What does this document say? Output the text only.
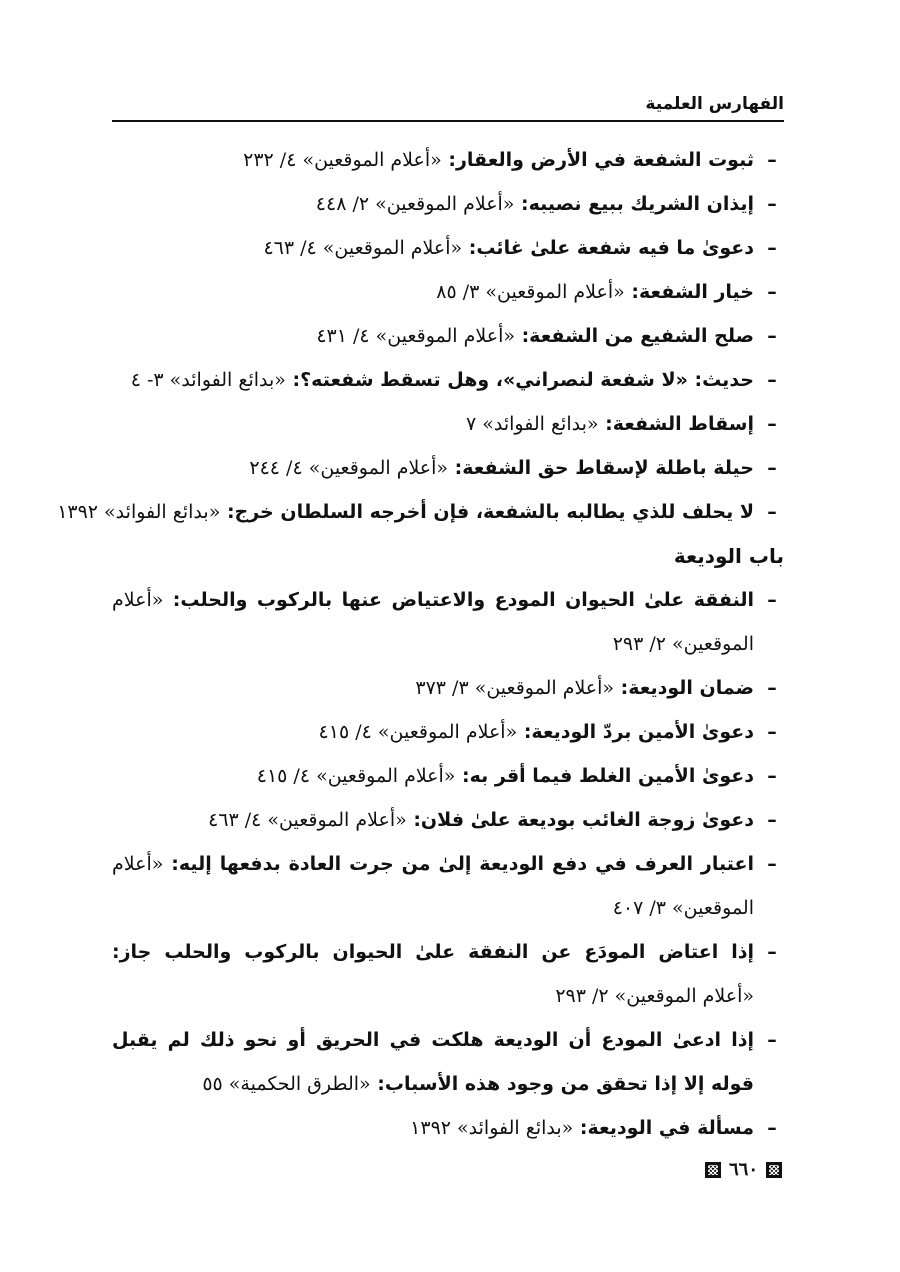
الفهارس العلمية
–
ثبوت الشفعة في الأرض والعقار: «أعلام الموقعين» ٤/ ٢٣٢
–
إيذان الشريك ببيع نصيبه: «أعلام الموقعين» ٢/ ٤٤٨
–
دعوىٰ ما فيه شفعة علىٰ غائب: «أعلام الموقعين» ٤/ ٤٦٣
–
خيار الشفعة: «أعلام الموقعين» ٣/ ٨٥
–
صلح الشفيع من الشفعة: «أعلام الموقعين» ٤/ ٤٣١
–
حديث: «لا شفعة لنصراني»، وهل تسقط شفعته؟: «بدائع الفوائد» ٣- ٤
–
إسقاط الشفعة: «بدائع الفوائد» ٧
–
حيلة باطلة لإسقاط حق الشفعة: «أعلام الموقعين» ٤/ ٢٤٤
–
لا يحلف للذي يطالبه بالشفعة، فإن أخرجه السلطان خرج: «بدائع الفوائد» ١٣٩٢
باب الوديعة
–
النفقة علىٰ الحيوان المودع والاعتياض عنها بالركوب والحلب: «أعلام الموقعين» ٢/ ٢٩٣
–
ضمان الوديعة: «أعلام الموقعين» ٣/ ٣٧٣
–
دعوىٰ الأمين بردّ الوديعة: «أعلام الموقعين» ٤/ ٤١٥
–
دعوىٰ الأمين الغلط فيما أقر به: «أعلام الموقعين» ٤/ ٤١٥
–
دعوىٰ زوجة الغائب بوديعة علىٰ فلان: «أعلام الموقعين» ٤/ ٤٦٣
–
اعتبار العرف في دفع الوديعة إلىٰ من جرت العادة بدفعها إليه: «أعلام الموقعين» ٣/ ٤٠٧
–
إذا اعتاض المودَع عن النفقة علىٰ الحيوان بالركوب والحلب جاز: «أعلام الموقعين» ٢/ ٢٩٣
–
إذا ادعىٰ المودع أن الوديعة هلكت في الحريق أو نحو ذلك لم يقبل قوله إلا إذا تحقق من وجود هذه الأسباب: «الطرق الحكمية» ٥٥
–
مسألة في الوديعة: «بدائع الفوائد» ١٣٩٢
٦٦٠
